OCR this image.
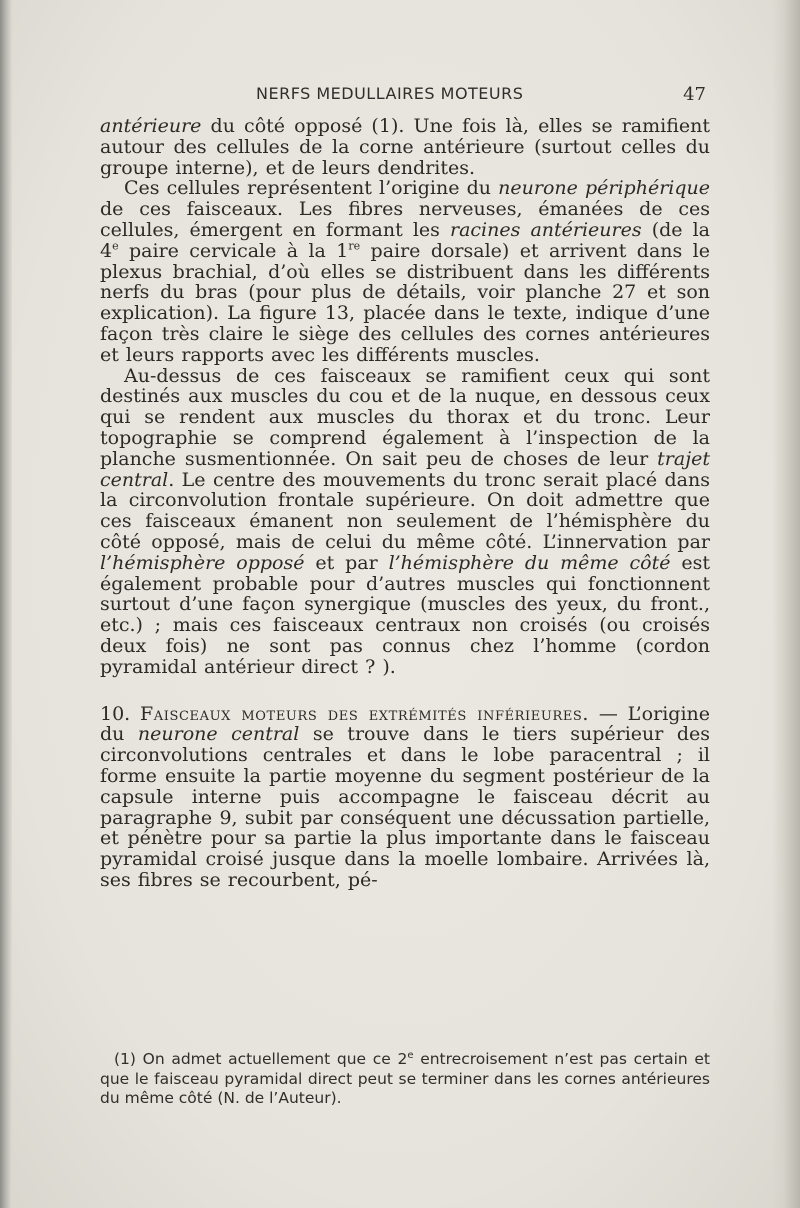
NERFS MEDULLAIRES MOTEURS	47

antérieure du côté opposé (1). Une fois là, elles se ramifient autour des cellules de la corne antérieure (surtout celles du groupe interne), et de leurs dendrites.

Ces cellules représentent l’origine du neurone périphérique de ces faisceaux. Les fibres nerveuses, émanées de ces cellules, émergent en formant les racines antérieures (de la 4e paire cervicale à la 1re paire dorsale) et arrivent dans le plexus brachial, d’où elles se distribuent dans les différents nerfs du bras (pour plus de détails, voir planche 27 et son explication). La figure 13, placée dans le texte, indique d’une façon très claire le siège des cellules des cornes antérieures et leurs rapports avec les différents muscles.

Au-dessus de ces faisceaux se ramifient ceux qui sont destinés aux muscles du cou et de la nuque, en dessous ceux qui se rendent aux muscles du thorax et du tronc. Leur topographie se comprend également à l’inspection de la planche susmentionnée. On sait peu de choses de leur trajet central. Le centre des mouvements du tronc serait placé dans la circonvolution frontale supérieure. On doit admettre que ces faisceaux émanent non seulement de l’hémisphère du côté opposé, mais de celui du même côté. L’innervation par l’hémisphère opposé et par l’hémisphère du même côté est également probable pour d’autres muscles qui fonctionnent surtout d’une façon synergique (muscles des yeux, du front., etc.) ; mais ces faisceaux centraux non croisés (ou croisés deux fois) ne sont pas connus chez l’homme (cordon pyramidal antérieur direct ? ).

10. Faisceaux moteurs des extrémités inférieures. — L’origine du neurone central se trouve dans le tiers supérieur des circonvolutions centrales et dans le lobe paracentral ; il forme ensuite la partie moyenne du segment postérieur de la capsule interne puis accompagne le faisceau décrit au paragraphe 9, subit par conséquent une décussation partielle, et pénètre pour sa partie la plus importante dans le faisceau pyramidal croisé jusque dans la moelle lombaire. Arrivées là, ses fibres se recourbent, pé-

(1) On admet actuellement que ce 2e entrecroisement n’est pas certain et que le faisceau pyramidal direct peut se terminer dans les cornes antérieures du même côté (N. de l’Auteur).
